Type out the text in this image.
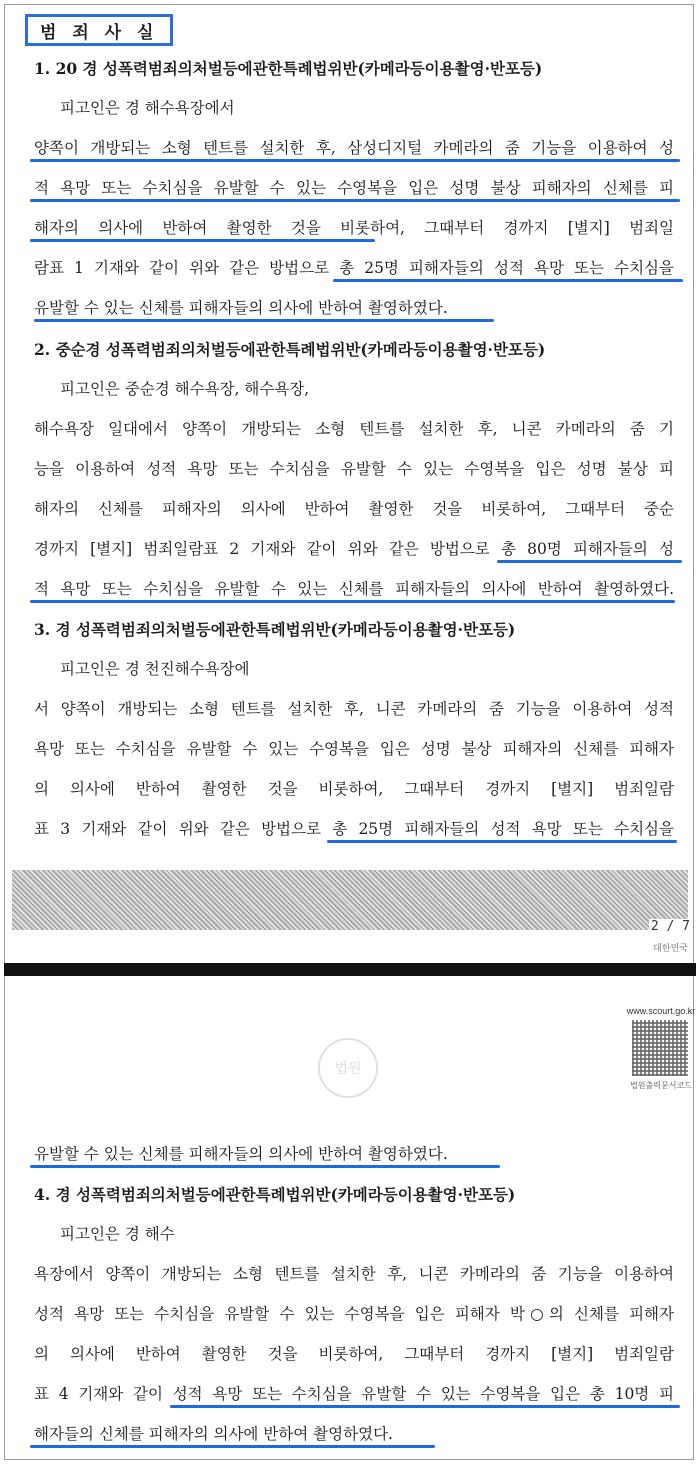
범 죄 사 실
1. 20 경 성폭력범죄의처벌등에관한특례법위반(카메라등이용촬영·반포등)
피고인은 경 해수욕장에서
양쪽이 개방되는 소형 텐트를 설치한 후, 삼성디지털 카메라의 줌 기능을 이용하여 성
적 욕망 또는 수치심을 유발할 수 있는 수영복을 입은 성명 불상 피해자의 신체를 피
해자의 의사에 반하여 촬영한 것을 비롯하여, 그때부터 경까지 [별지] 범죄일
람표 1 기재와 같이 위와 같은 방법으로 총 25명 피해자들의 성적 욕망 또는 수치심을
유발할 수 있는 신체를 피해자들의 의사에 반하여 촬영하였다.
2. 중순경 성폭력범죄의처벌등에관한특례법위반(카메라등이용촬영·반포등)
피고인은 중순경 해수욕장, 해수욕장,
해수욕장 일대에서 양쪽이 개방되는 소형 텐트를 설치한 후, 니콘 카메라의 줌 기
능을 이용하여 성적 욕망 또는 수치심을 유발할 수 있는 수영복을 입은 성명 불상 피
해자의 신체를 피해자의 의사에 반하여 촬영한 것을 비롯하여, 그때부터 중순
경까지 [별지] 범죄일람표 2 기재와 같이 위와 같은 방법으로 총 80명 피해자들의 성
적 욕망 또는 수치심을 유발할 수 있는 신체를 피해자들의 의사에 반하여 촬영하였다.
3. 경 성폭력범죄의처벌등에관한특례법위반(카메라등이용촬영·반포등)
피고인은 경 천진해수욕장에
서 양쪽이 개방되는 소형 텐트를 설치한 후, 니콘 카메라의 줌 기능을 이용하여 성적
욕망 또는 수치심을 유발할 수 있는 수영복을 입은 성명 불상 피해자의 신체를 피해자
의 의사에 반하여 촬영한 것을 비롯하여, 그때부터 경까지 [별지] 범죄일람
표 3 기재와 같이 위와 같은 방법으로 총 25명 피해자들의 성적 욕망 또는 수치심을
2 / 7
대한민국
법원
www.scourt.go.kr
법원출력문서코드
유발할 수 있는 신체를 피해자들의 의사에 반하여 촬영하였다.
4. 경 성폭력범죄의처벌등에관한특례법위반(카메라등이용촬영·반포등)
피고인은 경 해수
욕장에서 양쪽이 개방되는 소형 텐트를 설치한 후, 니콘 카메라의 줌 기능을 이용하여
성적 욕망 또는 수치심을 유발할 수 있는 수영복을 입은 피해자 박○의 신체를 피해자
의 의사에 반하여 촬영한 것을 비롯하여, 그때부터 경까지 [별지] 범죄일람
표 4 기재와 같이 성적 욕망 또는 수치심을 유발할 수 있는 수영복을 입은 총 10명 피
해자들의 신체를 피해자의 의사에 반하여 촬영하였다.
